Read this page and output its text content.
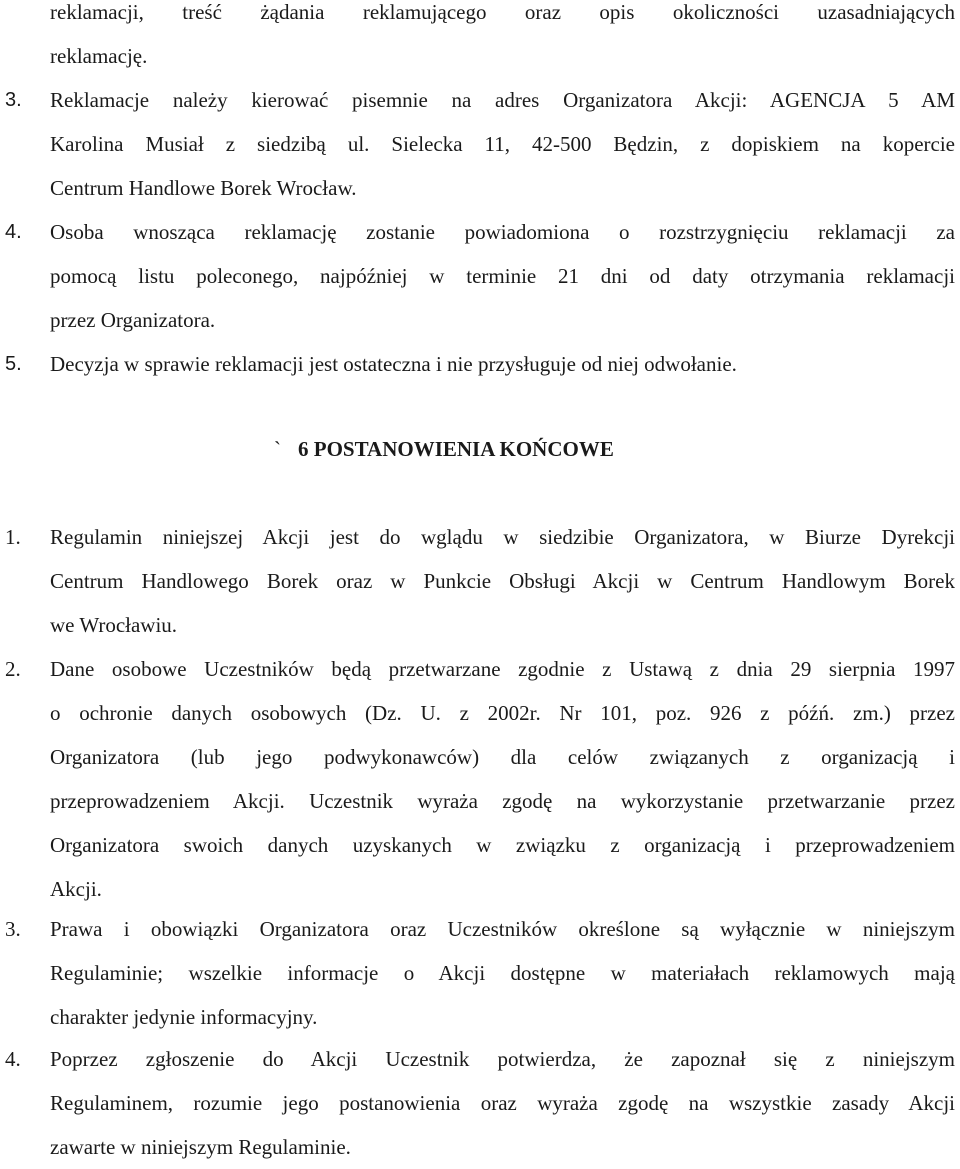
reklamacji, treść żądania reklamującego oraz opis okoliczności uzasadniających
reklamację.
3.	Reklamacje należy kierować pisemnie na adres Organizatora Akcji: AGENCJA 5 AM
Karolina Musiał z siedzibą ul. Sielecka 11, 42-500 Będzin, z dopiskiem na kopercie
Centrum Handlowe Borek Wrocław.
4.	Osoba wnosząca reklamację zostanie powiadomiona o rozstrzygnięciu reklamacji za
pomocą listu poleconego, najpóźniej w terminie 21 dni od daty otrzymania reklamacji
przez Organizatora.
5.	Decyzja w sprawie reklamacji jest ostateczna i nie przysługuje od niej odwołanie.
` 6 POSTANOWIENIA KOŃCOWE
1.	Regulamin niniejszej Akcji jest do wglądu w siedzibie Organizatora, w Biurze Dyrekcji
Centrum Handlowego Borek oraz w Punkcie Obsługi Akcji w Centrum Handlowym Borek
we Wrocławiu.
2.	Dane osobowe Uczestników będą przetwarzane zgodnie z Ustawą z dnia 29 sierpnia 1997
o ochronie danych osobowych (Dz. U. z 2002r. Nr 101, poz. 926 z późń. zm.) przez
Organizatora (lub jego podwykonawców) dla celów związanych z organizacją i
przeprowadzeniem Akcji. Uczestnik wyraża zgodę na wykorzystanie przetwarzanie przez
Organizatora swoich danych uzyskanych w związku z organizacją i przeprowadzeniem
Akcji.
3.	Prawa i obowiązki Organizatora oraz Uczestników określone są wyłącznie w niniejszym
Regulaminie; wszelkie informacje o Akcji dostępne w materiałach reklamowych mają
charakter jedynie informacyjny.
4.	Poprzez zgłoszenie do Akcji Uczestnik potwierdza, że zapoznał się z niniejszym
Regulaminem, rozumie jego postanowienia oraz wyraża zgodę na wszystkie zasady Akcji
zawarte w niniejszym Regulaminie.
